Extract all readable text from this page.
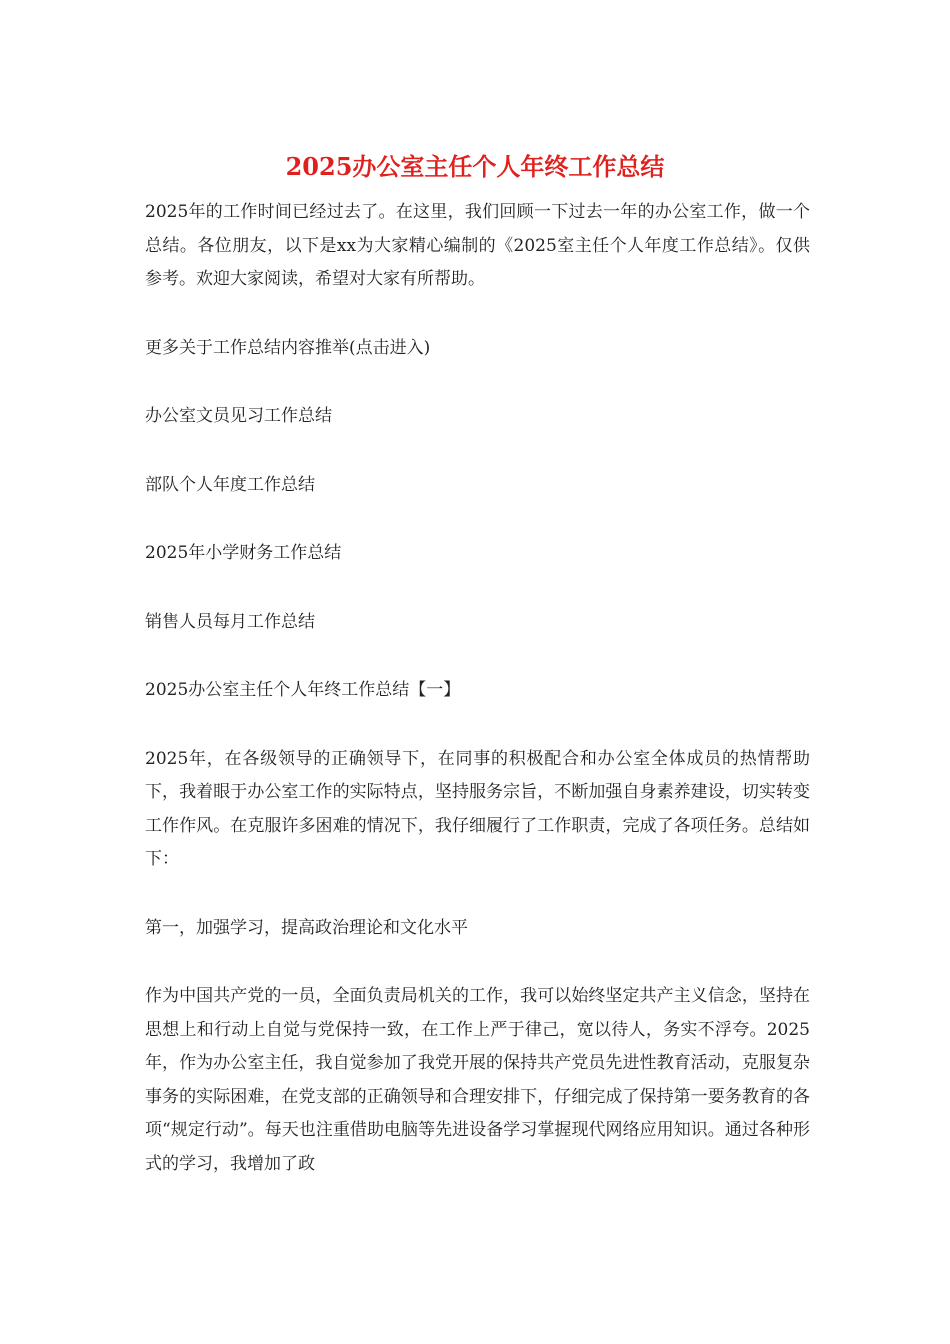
2025办公室主任个人年终工作总结

2025年的工作时间已经过去了。在这里，我们回顾一下过去一年的办公室工作，做一个总结。各位朋友，以下是xx为大家精心编制的《2025室主任个人年度工作总结》。仅供参考。欢迎大家阅读，希望对大家有所帮助。

更多关于工作总结内容推举(点击进入)

办公室文员见习工作总结

部队个人年度工作总结

2025年小学财务工作总结

销售人员每月工作总结

2025办公室主任个人年终工作总结【一】

2025年，在各级领导的正确领导下，在同事的积极配合和办公室全体成员的热情帮助下，我着眼于办公室工作的实际特点，坚持服务宗旨，不断加强自身素养建设，切实转变工作作风。在克服许多困难的情况下，我仔细履行了工作职责，完成了各项任务。总结如下：

第一，加强学习，提高政治理论和文化水平

作为中国共产党的一员，全面负责局机关的工作，我可以始终坚定共产主义信念，坚持在思想上和行动上自觉与党保持一致，在工作上严于律己，宽以待人，务实不浮夸。2025年，作为办公室主任，我自觉参加了我党开展的保持共产党员先进性教育活动，克服复杂事务的实际困难，在党支部的正确领导和合理安排下，仔细完成了保持第一要务教育的各项“规定行动”。每天也注重借助电脑等先进设备学习掌握现代网络应用知识。通过各种形式的学习，我增加了政
